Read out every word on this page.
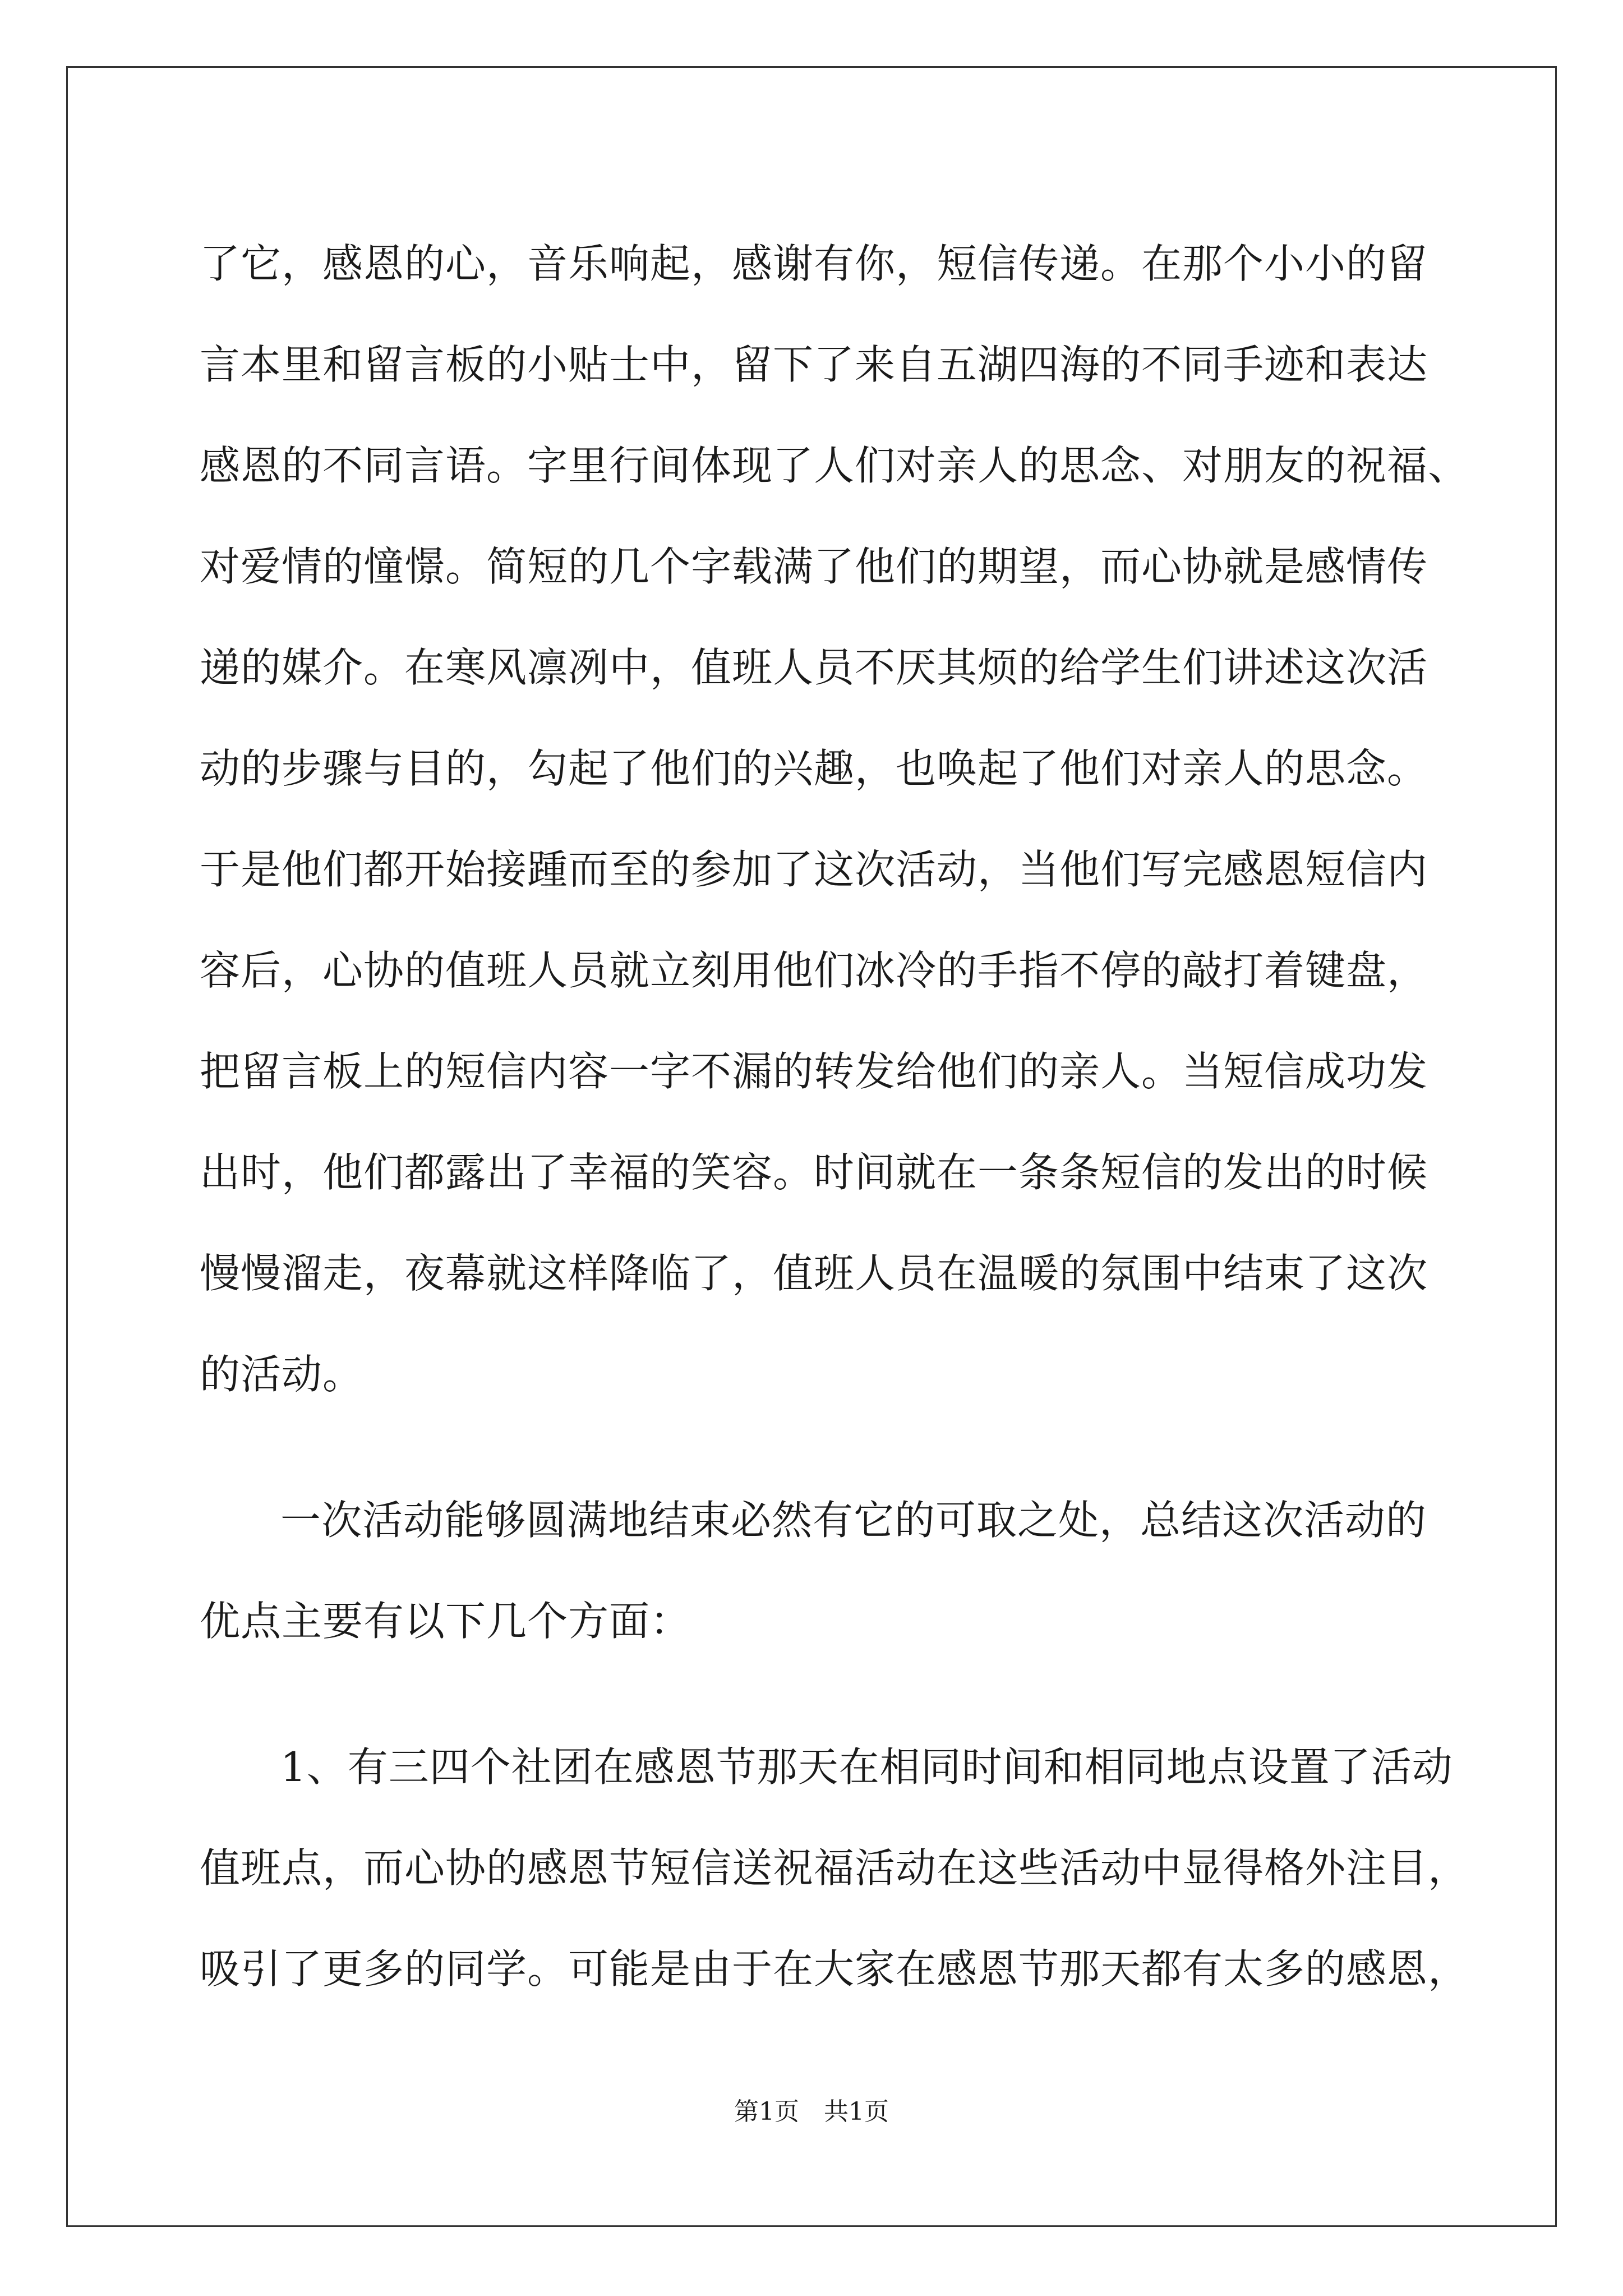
了它，感恩的心，音乐响起，感谢有你，短信传递。在那个小小的留
言本里和留言板的小贴士中，留下了来自五湖四海的不同手迹和表达
感恩的不同言语。字里行间体现了人们对亲人的思念、对朋友的祝福、
对爱情的憧憬。简短的几个字载满了他们的期望，而心协就是感情传
递的媒介。在寒风凛冽中，值班人员不厌其烦的给学生们讲述这次活
动的步骤与目的，勾起了他们的兴趣，也唤起了他们对亲人的思念。
于是他们都开始接踵而至的参加了这次活动，当他们写完感恩短信内
容后，心协的值班人员就立刻用他们冰冷的手指不停的敲打着键盘，
把留言板上的短信内容一字不漏的转发给他们的亲人。当短信成功发
出时，他们都露出了幸福的笑容。时间就在一条条短信的发出的时候
慢慢溜走，夜幕就这样降临了，值班人员在温暖的氛围中结束了这次
的活动。
一次活动能够圆满地结束必然有它的可取之处，总结这次活动的
优点主要有以下几个方面：
1、有三四个社团在感恩节那天在相同时间和相同地点设置了活动
值班点，而心协的感恩节短信送祝福活动在这些活动中显得格外注目，
吸引了更多的同学。可能是由于在大家在感恩节那天都有太多的感恩，
第1页　共1页
